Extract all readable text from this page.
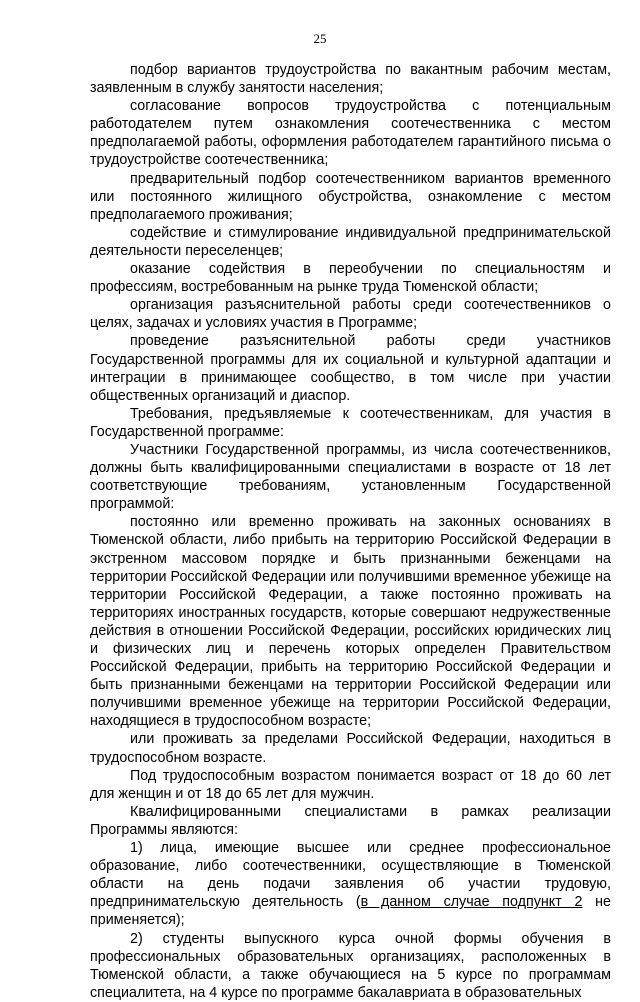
25

подбор вариантов трудоустройства по вакантным рабочим местам, заявленным в службу занятости населения;

согласование вопросов трудоустройства с потенциальным работодателем путем ознакомления соотечественника с местом предполагаемой работы, оформления работодателем гарантийного письма о трудоустройстве соотечественника;

предварительный подбор соотечественником вариантов временного или постоянного жилищного обустройства, ознакомление с местом предполагаемого проживания;

содействие и стимулирование индивидуальной предпринимательской деятельности переселенцев;

оказание содействия в переобучении по специальностям и профессиям, востребованным на рынке труда Тюменской области;

организация разъяснительной работы среди соотечественников о целях, задачах и условиях участия в Программе;

проведение разъяснительной работы среди участников Государственной программы для их социальной и культурной адаптации и интеграции в принимающее сообщество, в том числе при участии общественных организаций и диаспор.

Требования, предъявляемые к соотечественникам, для участия в Государственной программе:

Участники Государственной программы, из числа соотечественников, должны быть квалифицированными специалистами в возрасте от 18 лет соответствующие требованиям, установленным Государственной программой:

постоянно или временно проживать на законных основаниях в Тюменской области, либо прибыть на территорию Российской Федерации в экстренном массовом порядке и быть признанными беженцами на территории Российской Федерации или получившими временное убежище на территории Российской Федерации, а также постоянно проживать на территориях иностранных государств, которые совершают недружественные действия в отношении Российской Федерации, российских юридических лиц и физических лиц и перечень которых определен Правительством Российской Федерации, прибыть на территорию Российской Федерации и быть признанными беженцами на территории Российской Федерации или получившими временное убежище на территории Российской Федерации, находящиеся в трудоспособном возрасте;

или проживать за пределами Российской Федерации, находиться в трудоспособном возрасте.

Под трудоспособным возрастом понимается возраст от 18 до 60 лет для женщин и от 18 до 65 лет для мужчин.

Квалифицированными специалистами в рамках реализации Программы являются:

1) лица, имеющие высшее или среднее профессиональное образование, либо соотечественники, осуществляющие в Тюменской области на день подачи заявления об участии трудовую, предпринимательскую деятельность (в данном случае подпункт 2 не применяется);

2) студенты выпускного курса очной формы обучения в профессиональных образовательных организациях, расположенных в Тюменской области, а также обучающиеся на 5 курсе по программам специалитета, на 4 курсе по программе бакалавриата в образовательных
